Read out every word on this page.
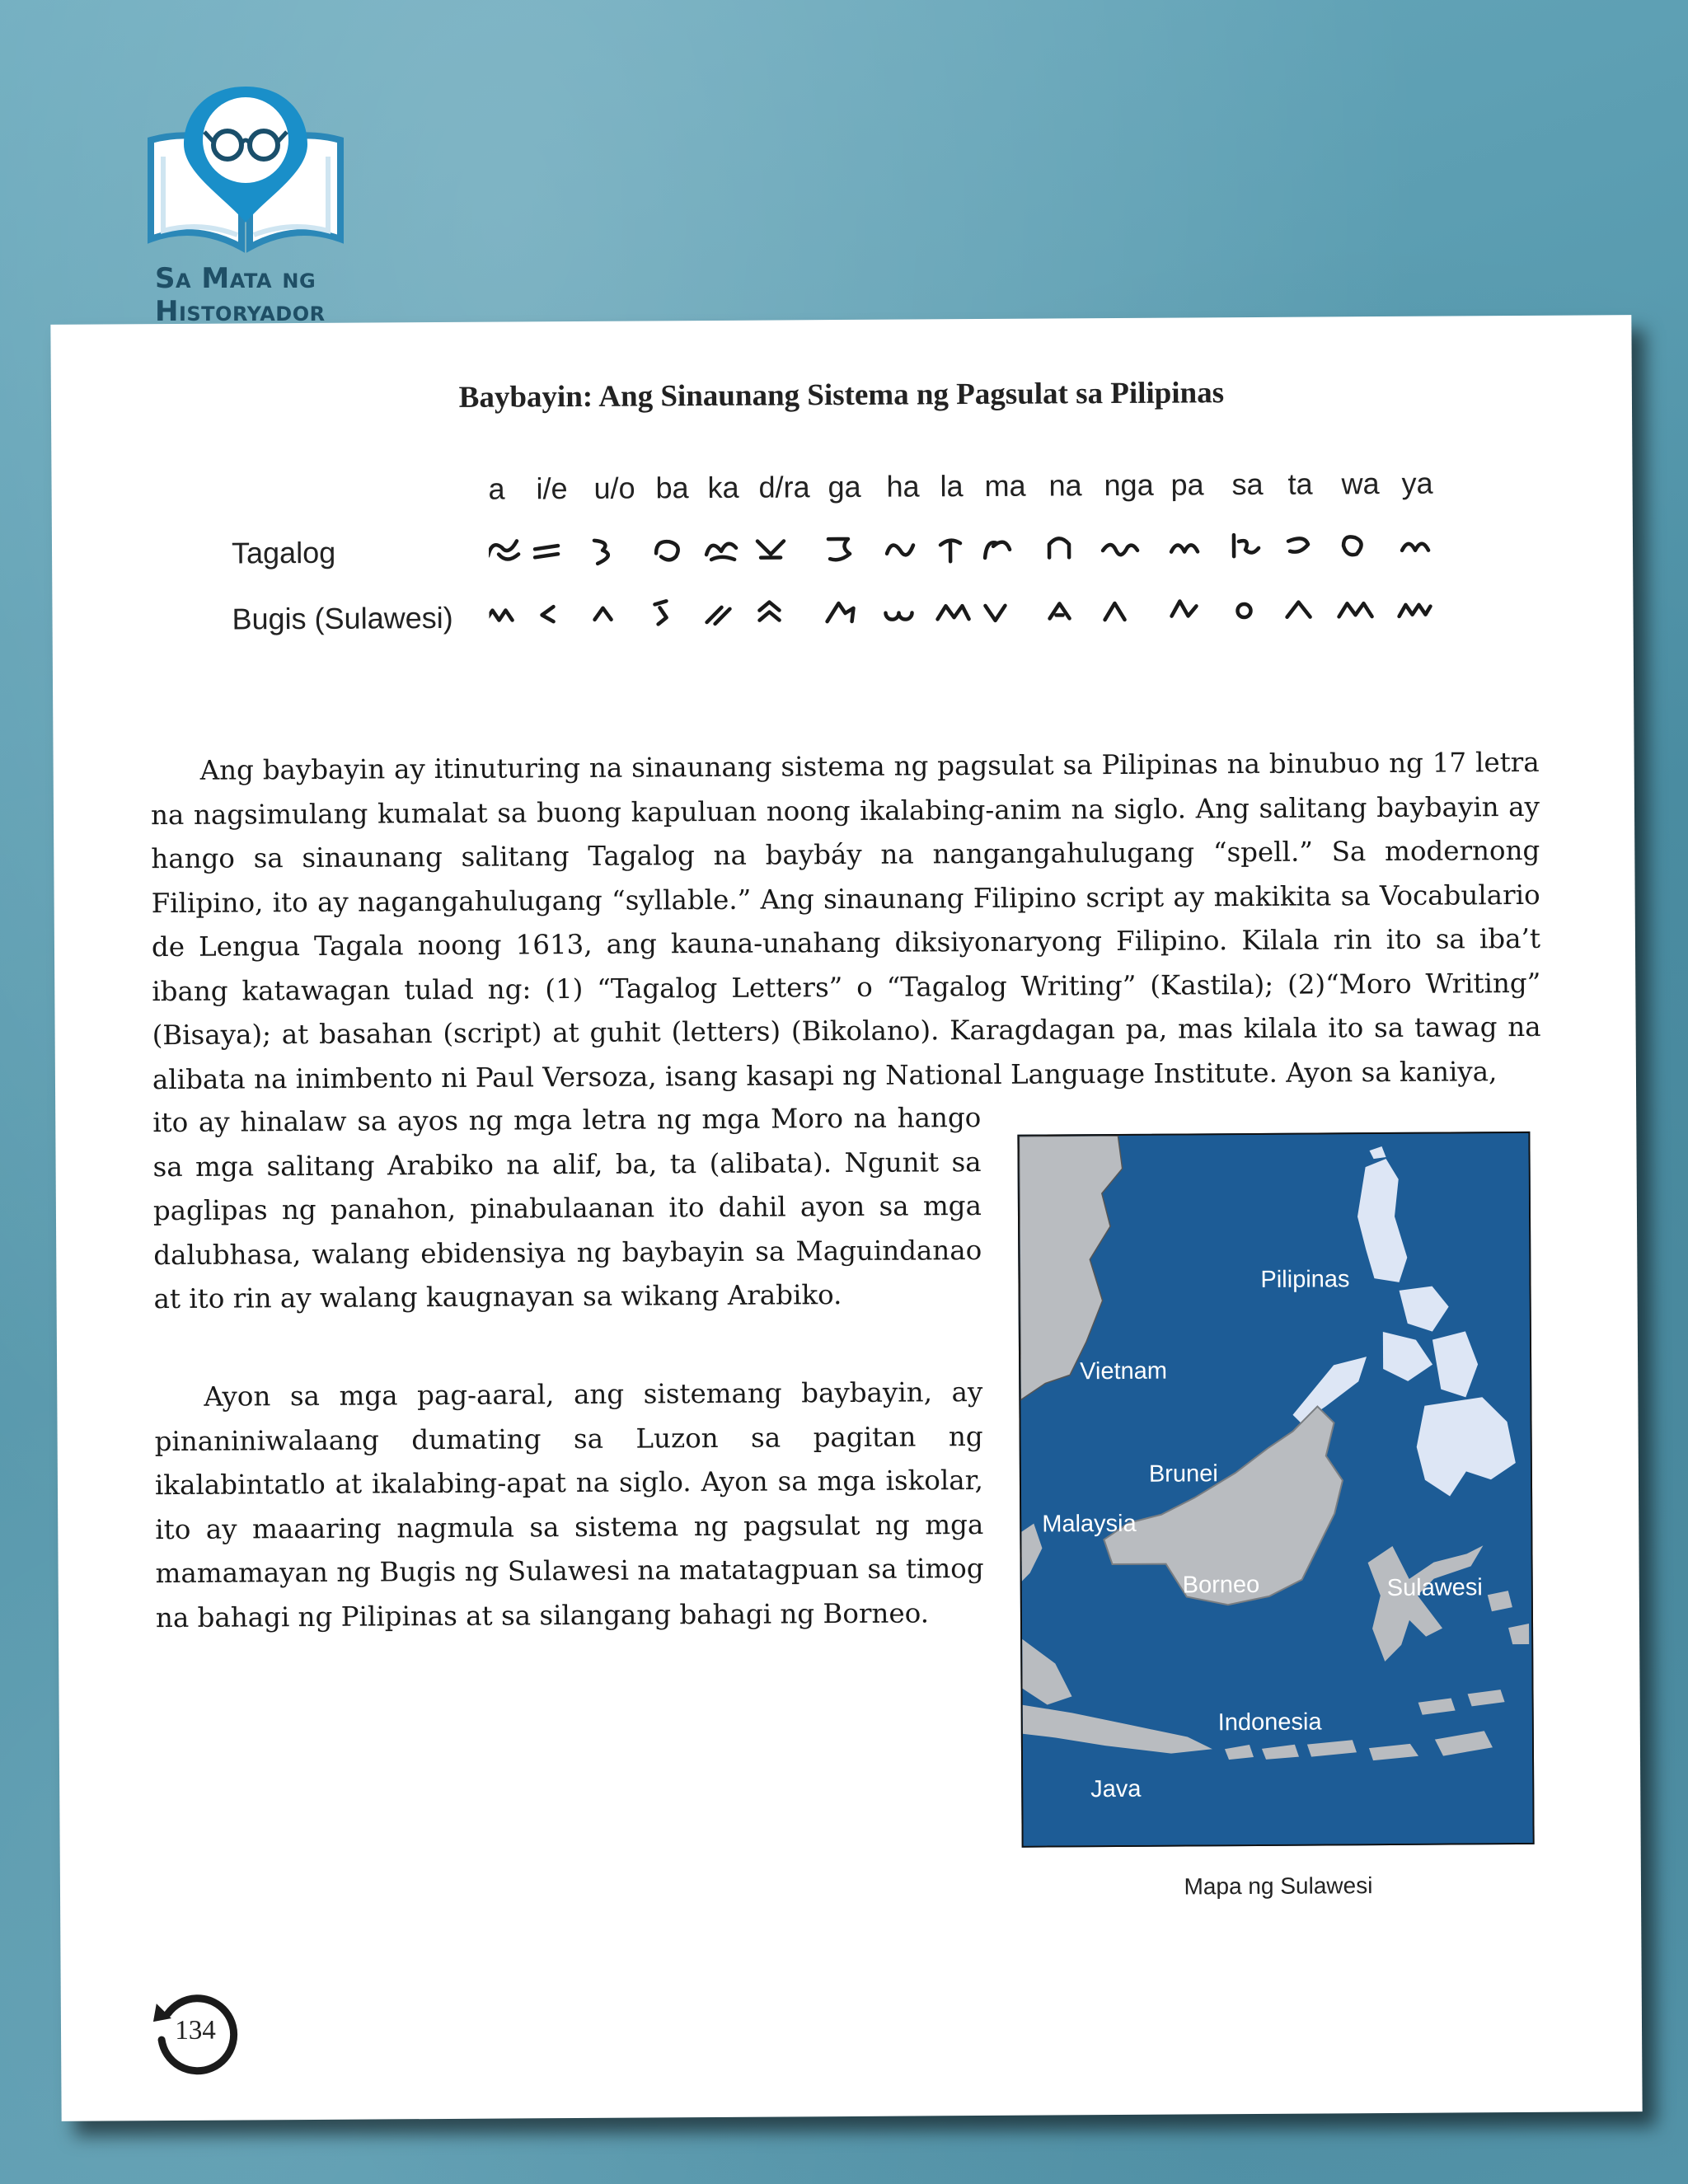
Sa Mata ng
Historyador
Baybayin: Ang Sinaunang Sistema ng Pagsulat sa Pilipinas
a i/e u/o ba ka d/ra ga ha la ma na nga pa sa ta wa ya
Tagalog
Bugis (Sulawesi)
Ang baybayin ay itinuturing na sinaunang sistema ng pagsulat sa Pilipinas na binubuo ng 17 letra na nagsimulang kumalat sa buong kapuluan noong ikalabing-anim na siglo. Ang salitang baybayin ay hango sa sinaunang salitang Tagalog na baybáy na nangangahulugang “spell.” Sa modernong Filipino, ito ay nagangahulugang “syllable.” Ang sinaunang Filipino script ay makikita sa Vocabulario de Lengua Tagala noong 1613, ang kauna-unahang diksiyonaryong Filipino. Kilala rin ito sa iba’t ibang katawagan tulad ng: (1) “Tagalog Letters” o “Tagalog Writing” (Kastila); (2)“Moro Writing” (Bisaya); at basahan (script) at guhit (letters) (Bikolano). Karagdagan pa, mas kilala ito sa tawag na alibata na inimbento ni Paul Versoza, isang kasapi ng National Language Institute. Ayon sa kaniya,
ito ay hinalaw sa ayos ng mga letra ng mga Moro na hango sa mga salitang Arabiko na alif, ba, ta (alibata). Ngunit sa paglipas ng panahon, pinabulaanan ito dahil ayon sa mga dalubhasa, walang ebidensiya ng baybayin sa Maguindanao at ito rin ay walang kaugnayan sa wikang Arabiko.
Ayon sa mga pag-aaral, ang sistemang baybayin, ay pinaniniwalaang dumating sa Luzon sa pagitan ng ikalabintatlo at ikalabing-apat na siglo. Ayon sa mga iskolar, ito ay maaaring nagmula sa sistema ng pagsulat ng mga mamamayan ng Bugis ng Sulawesi na matatagpuan sa timog na bahagi ng Pilipinas at sa silangang bahagi ng Borneo.
Pilipinas
Vietnam
Brunei
Malaysia
Borneo	Sulawesi
Indonesia
Java
Mapa ng Sulawesi
134
